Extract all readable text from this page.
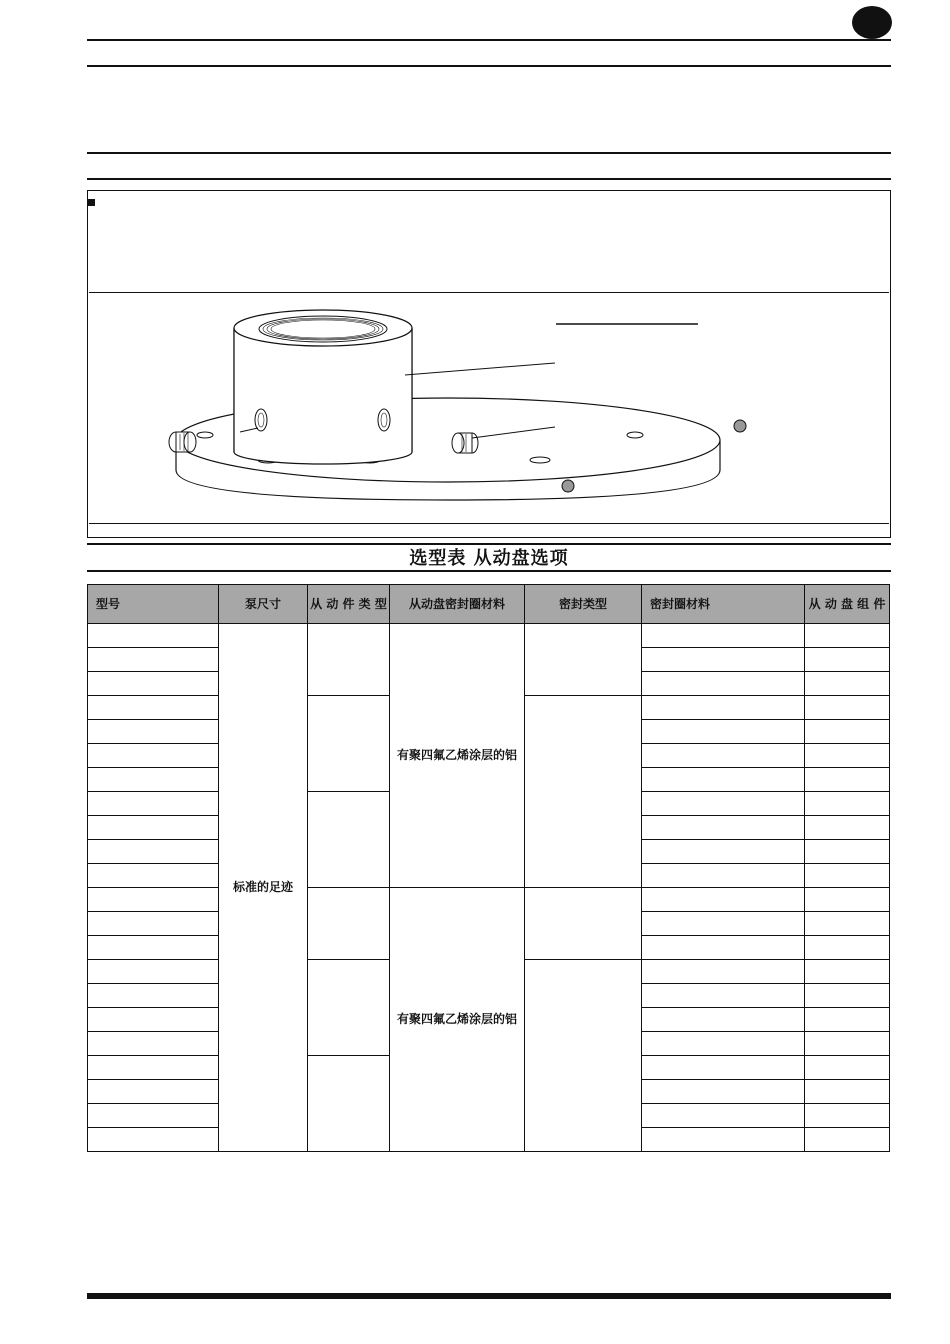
选型表 从动盘选项
型号	泵尺寸	从 动 件 类 型	从动盘密封圈材料	密封类型	密封圈材料	从 动 盘 组 件
	标准的足迹		有聚四氟乙烯涂层的铝			

			有聚四氟乙烯涂层的铝			
